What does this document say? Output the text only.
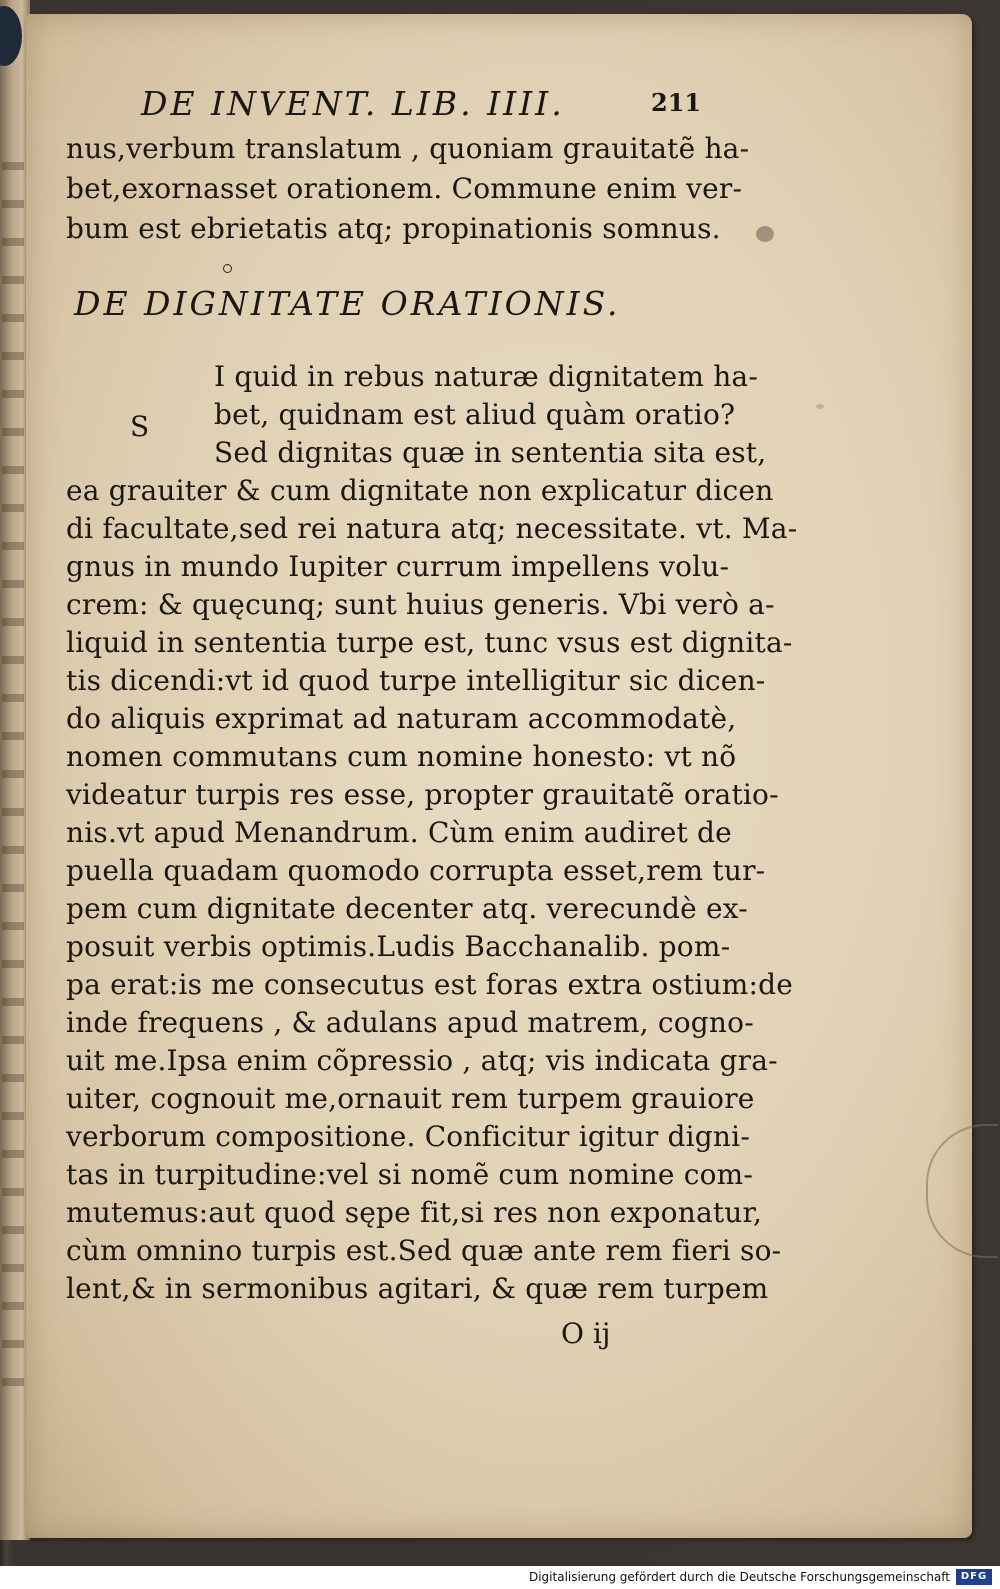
DE INVENT. LIB. IIII.	211
nus,verbum translatum , quoniam grauitatẽ ha-
bet,exornasset orationem. Commune enim ver-
bum est ebrietatis atq; propinationis somnus.
DE DIGNITATE ORATIONIS.
S
I quid in rebus naturæ dignitatem ha-
bet, quidnam est aliud quàm oratio?
Sed dignitas quæ in sententia sita est,
ea grauiter & cum dignitate non explicatur dicen
di facultate,sed rei natura atq; necessitate. vt. Ma-
gnus in mundo Iupiter currum impellens volu-
crem: & quęcunq; sunt huius generis. Vbi verò a-
liquid in sententia turpe est, tunc vsus est dignita-
tis dicendi:vt id quod turpe intelligitur sic dicen-
do aliquis exprimat ad naturam accommodatè,
nomen commutans cum nomine honesto: vt nõ
videatur turpis res esse, propter grauitatẽ oratio-
nis.vt apud Menandrum. Cùm enim audiret de
puella quadam quomodo corrupta esset,rem tur-
pem cum dignitate decenter atq. verecundè ex-
posuit verbis optimis.Ludis Bacchanalib. pom-
pa erat:is me consecutus est foras extra ostium:de
inde frequens , & adulans apud matrem, cogno-
uit me.Ipsa enim cõpressio , atq; vis indicata gra-
uiter, cognouit me,ornauit rem turpem grauiore
verborum compositione. Conficitur igitur digni-
tas in turpitudine:vel si nomẽ cum nomine com-
mutemus:aut quod sępe fit,si res non exponatur,
cùm omnino turpis est.Sed quæ ante rem fieri so-
lent,& in sermonibus agitari, & quæ rem turpem
O ij
Digitalisierung gefördert durch die Deutsche Forschungsgemeinschaft	DFG
